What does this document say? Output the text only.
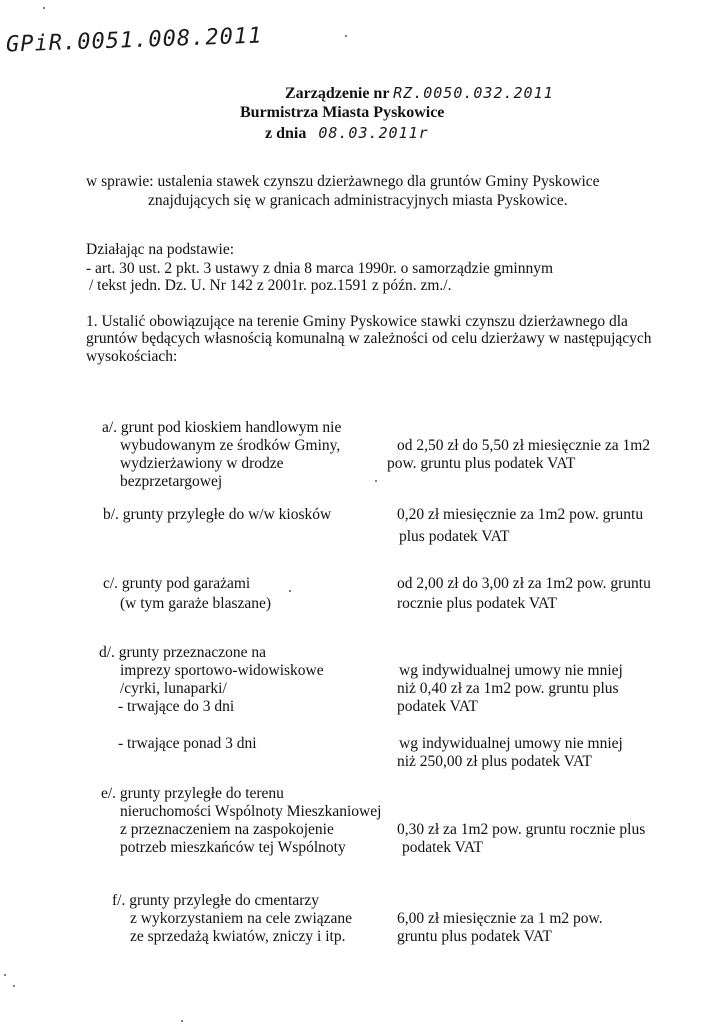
GPiR.0051.008.2011
Zarządzenie nr RZ.0050.032.2011
Burmistrza Miasta Pyskowice
z dnia 08.03.2011r
w sprawie: ustalenia stawek czynszu dzierżawnego dla gruntów Gminy Pyskowice
znajdujących się w granicach administracyjnych miasta Pyskowice.
Działając na podstawie:
- art. 30 ust. 2 pkt. 3 ustawy z dnia 8 marca 1990r. o samorządzie gminnym
/ tekst jedn. Dz. U. Nr 142 z 2001r. poz.1591 z późn. zm./.
1. Ustalić obowiązujące na terenie Gminy Pyskowice stawki czynszu dzierżawnego dla
gruntów będących własnością komunalną w zależności od celu dzierżawy w następujących
wysokościach:
a/. grunt pod kioskiem handlowym nie
wybudowanym ze środków Gminy,
wydzierżawiony w drodze
bezprzetargowej
od 2,50 zł do 5,50 zł miesięcznie za 1m2
pow. gruntu plus podatek VAT
b/. grunty przyległe do w/w kiosków	0,20 zł miesięcznie za 1m2 pow. gruntu
plus podatek VAT
c/. grunty pod garażami
(w tym garaże blaszane)
od 2,00 zł do 3,00 zł za 1m2 pow. gruntu
rocznie plus podatek VAT
d/. grunty przeznaczone na
imprezy sportowo-widowiskowe
/cyrki, lunaparki/
- trwające do 3 dni
wg indywidualnej umowy nie mniej
niż 0,40 zł za 1m2 pow. gruntu plus
podatek VAT
- trwające ponad 3 dni	wg indywidualnej umowy nie mniej
niż 250,00 zł plus podatek VAT
e/. grunty przyległe do terenu
nieruchomości Wspólnoty Mieszkaniowej
z przeznaczeniem na zaspokojenie
potrzeb mieszkańców tej Wspólnoty
0,30 zł za 1m2 pow. gruntu rocznie plus
podatek VAT
f/. grunty przyległe do cmentarzy
z wykorzystaniem na cele związane
ze sprzedażą kwiatów, zniczy i itp.
6,00 zł miesięcznie za 1 m2 pow.
gruntu plus podatek VAT
